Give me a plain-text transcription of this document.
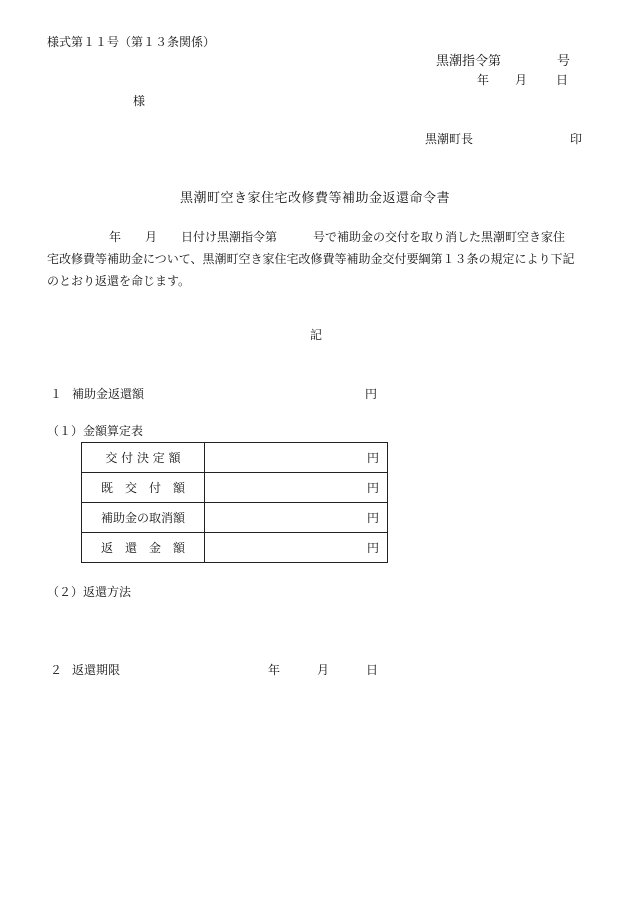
様式第１１号（第１３条関係）
黒潮指令第	号
年 月 日
様
黒潮町長	印
黒潮町空き家住宅改修費等補助金返還命令書
年　　月　　日付け黒潮指令第　　　号で補助金の交付を取り消した黒潮町空き家住
宅改修費等補助金について、黒潮町空き家住宅改修費等補助金交付要綱第１３条の規定により下記
のとおり返還を命じます。
記
１ 補助金返還額	円
（１）金額算定表
交 付 決 定 額	円
既　交　付　額	円
補助金の取消額	円
返　還　金　額	円
（２）返還方法
２ 返還期限	年	月	日
